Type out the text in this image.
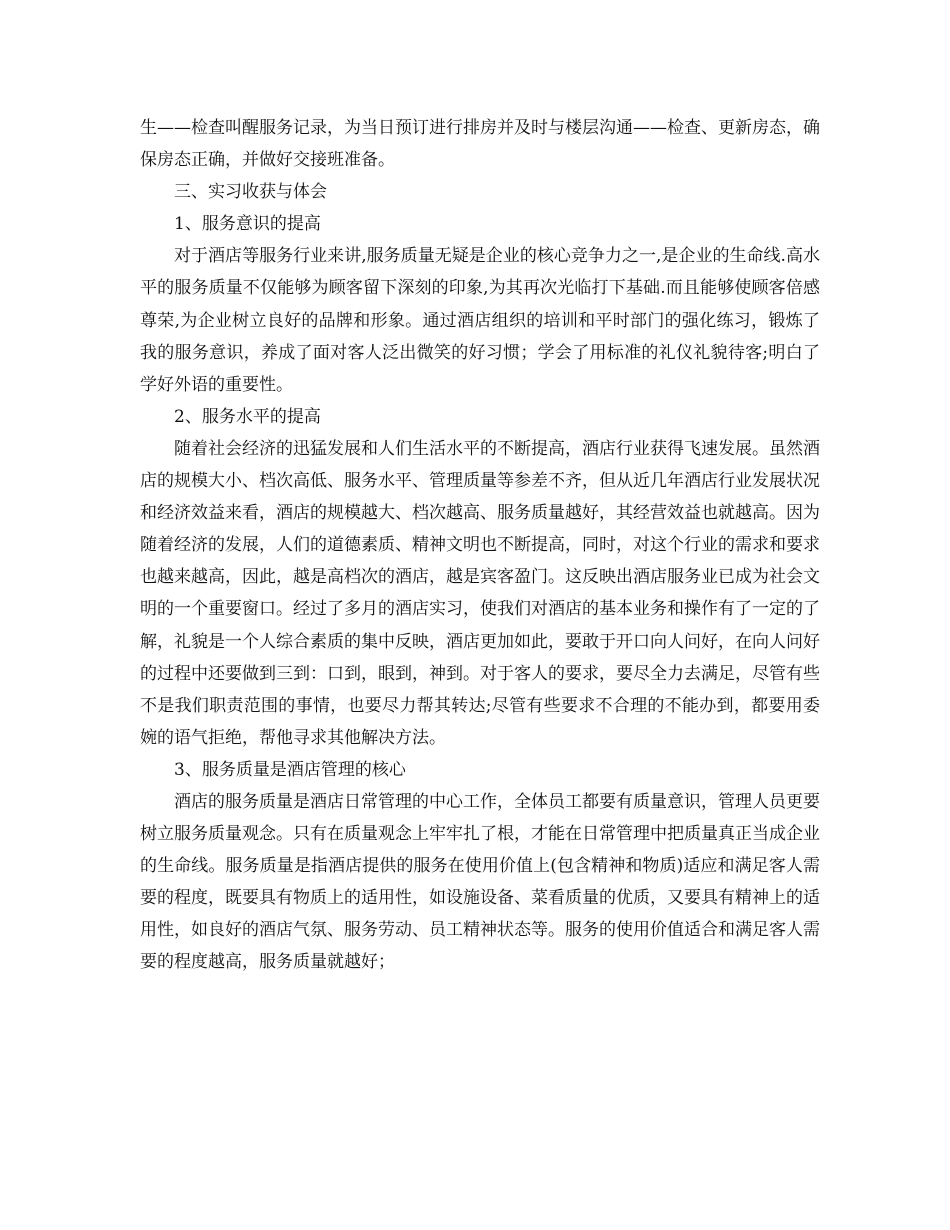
生——检查叫醒服务记录，为当日预订进行排房并及时与楼层沟通——检查、更新房态，确保房态正确，并做好交接班准备。

三、实习收获与体会

1、服务意识的提高

对于酒店等服务行业来讲,服务质量无疑是企业的核心竞争力之一,是企业的生命线.高水平的服务质量不仅能够为顾客留下深刻的印象,为其再次光临打下基础.而且能够使顾客倍感尊荣,为企业树立良好的品牌和形象。通过酒店组织的培训和平时部门的强化练习，锻炼了我的服务意识，养成了面对客人泛出微笑的好习惯；学会了用标准的礼仪礼貌待客;明白了学好外语的重要性。

2、服务水平的提高

随着社会经济的迅猛发展和人们生活水平的不断提高，酒店行业获得飞速发展。虽然酒店的规模大小、档次高低、服务水平、管理质量等参差不齐，但从近几年酒店行业发展状况和经济效益来看，酒店的规模越大、档次越高、服务质量越好，其经营效益也就越高。因为随着经济的发展，人们的道德素质、精神文明也不断提高，同时，对这个行业的需求和要求也越来越高，因此，越是高档次的酒店，越是宾客盈门。这反映出酒店服务业已成为社会文明的一个重要窗口。经过了多月的酒店实习，使我们对酒店的基本业务和操作有了一定的了解，礼貌是一个人综合素质的集中反映，酒店更加如此，要敢于开口向人问好，在向人问好的过程中还要做到三到：口到，眼到，神到。对于客人的要求，要尽全力去满足，尽管有些不是我们职责范围的事情，也要尽力帮其转达;尽管有些要求不合理的不能办到，都要用委婉的语气拒绝，帮他寻求其他解决方法。

3、服务质量是酒店管理的核心

酒店的服务质量是酒店日常管理的中心工作，全体员工都要有质量意识，管理人员更要树立服务质量观念。只有在质量观念上牢牢扎了根，才能在日常管理中把质量真正当成企业的生命线。服务质量是指酒店提供的服务在使用价值上(包含精神和物质)适应和满足客人需要的程度，既要具有物质上的适用性，如设施设备、菜看质量的优质，又要具有精神上的适用性，如良好的酒店气氛、服务劳动、员工精神状态等。服务的使用价值适合和满足客人需要的程度越高，服务质量就越好；
